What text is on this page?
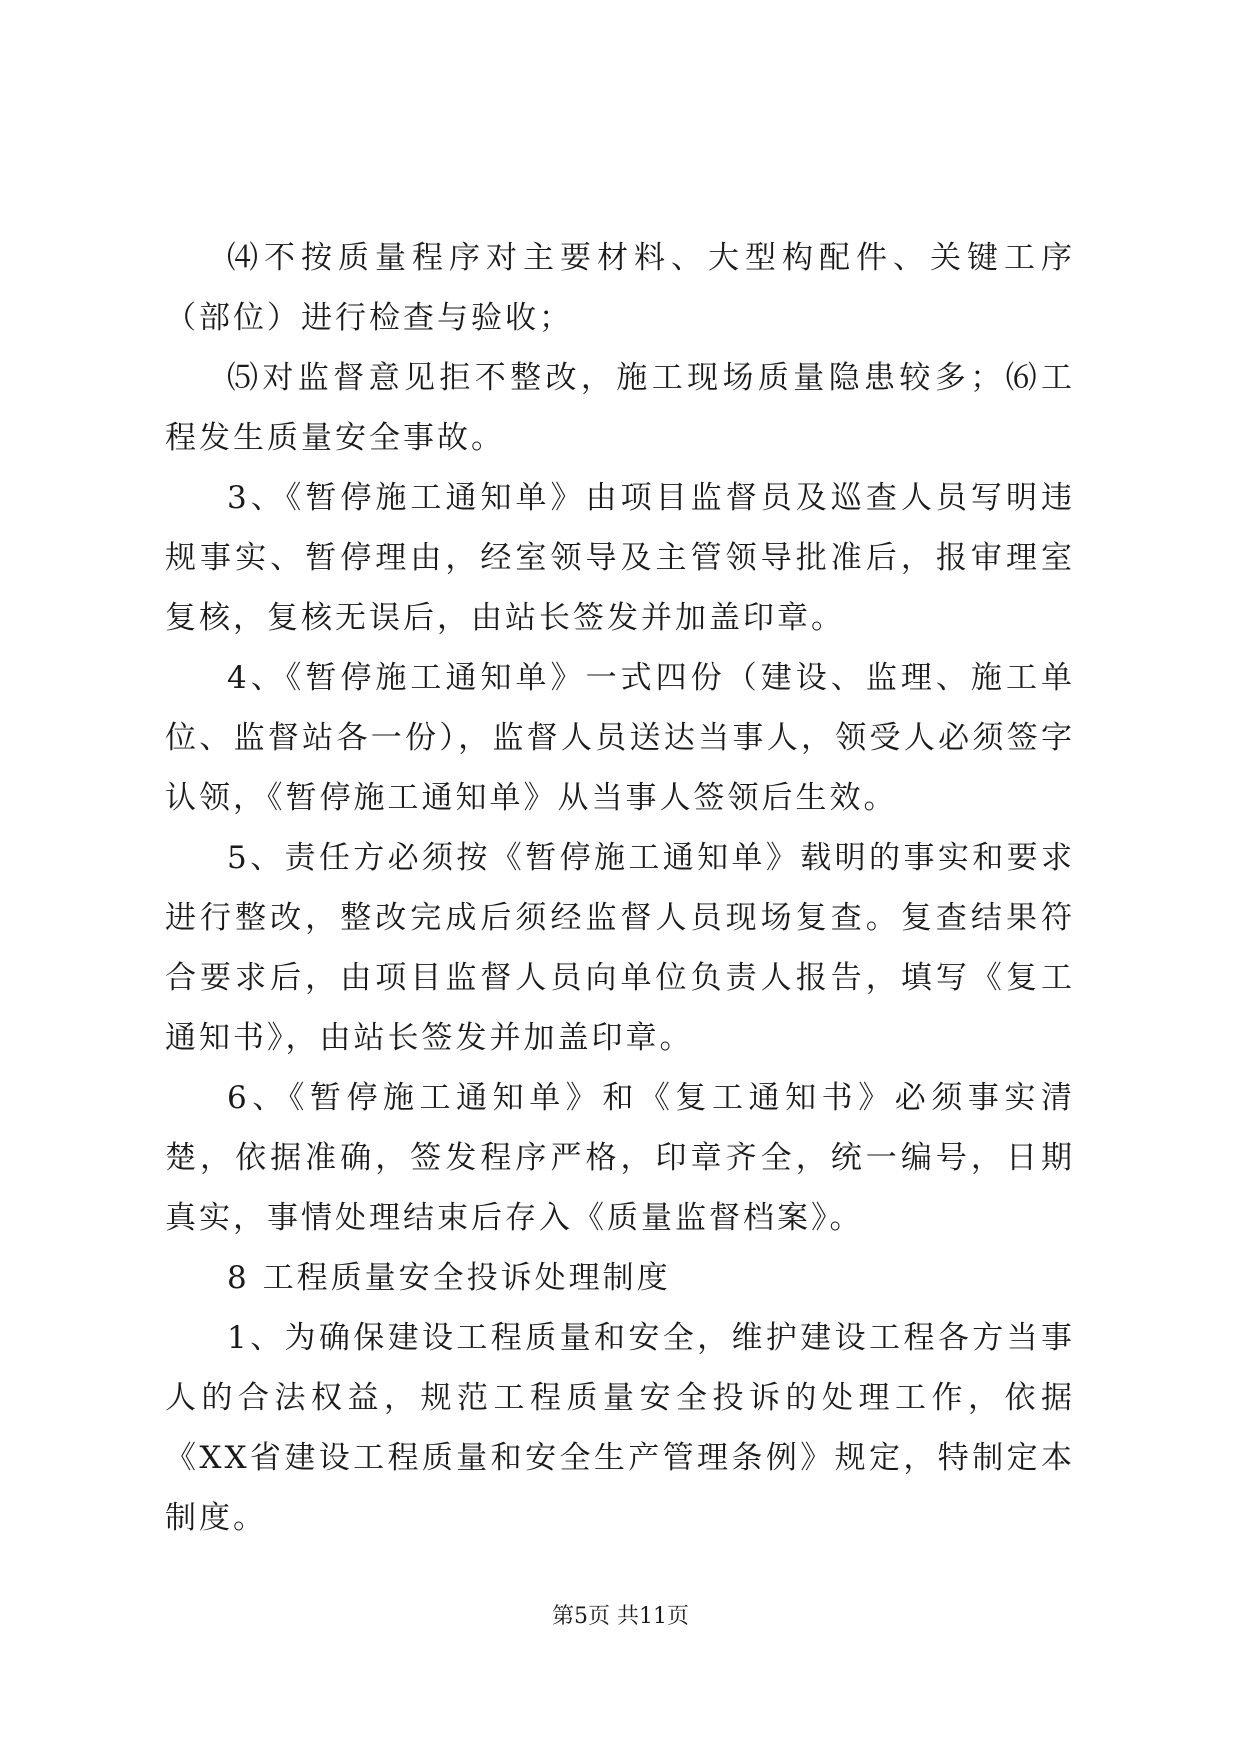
⑷不按质量程序对主要材料、大型构配件、关键工序（部位）进行检查与验收；

⑸对监督意见拒不整改，施工现场质量隐患较多；⑹工程发生质量安全事故。

3、《暂停施工通知单》由项目监督员及巡查人员写明违规事实、暂停理由，经室领导及主管领导批准后，报审理室复核，复核无误后，由站长签发并加盖印章。

4、《暂停施工通知单》一式四份（建设、监理、施工单位、监督站各一份），监督人员送达当事人，领受人必须签字认领，《暂停施工通知单》从当事人签领后生效。

5、责任方必须按《暂停施工通知单》载明的事实和要求进行整改，整改完成后须经监督人员现场复查。复查结果符合要求后，由项目监督人员向单位负责人报告，填写《复工通知书》，由站长签发并加盖印章。

6、《暂停施工通知单》和《复工通知书》必须事实清楚，依据准确，签发程序严格，印章齐全，统一编号，日期真实，事情处理结束后存入《质量监督档案》。

8 工程质量安全投诉处理制度

1、为确保建设工程质量和安全，维护建设工程各方当事人的合法权益，规范工程质量安全投诉的处理工作，依据《XX省建设工程质量和安全生产管理条例》规定，特制定本制度。

第5页 共11页
